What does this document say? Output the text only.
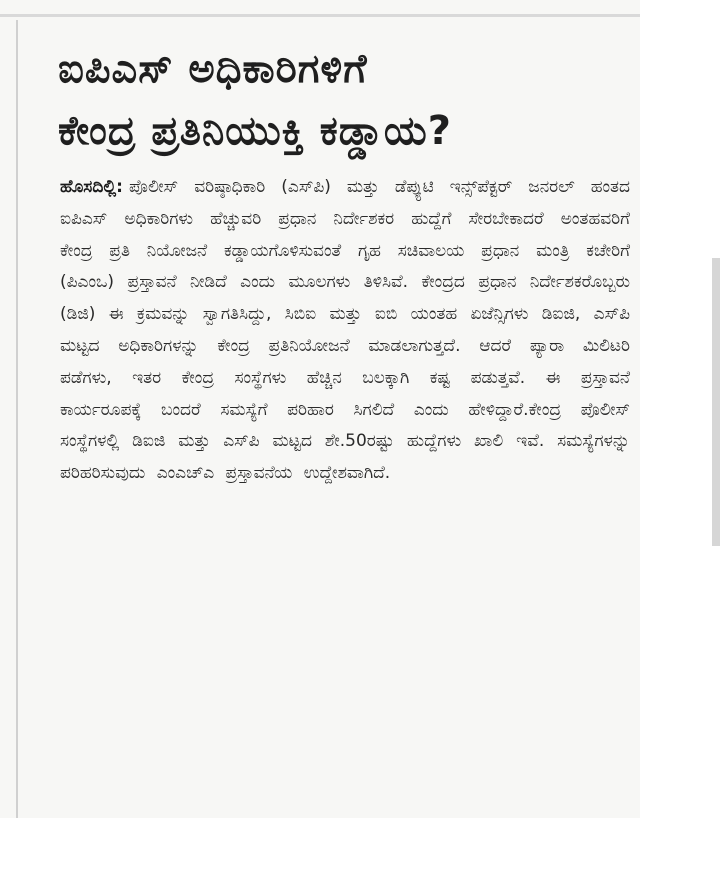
ಐಪಿಎಸ್ ಅಧಿಕಾರಿಗಳಿಗೆ
ಕೇಂದ್ರ ಪ್ರತಿನಿಯುಕ್ತಿ ಕಡ್ಡಾಯ?

ಹೊಸದಿಲ್ಲಿ: ಪೊಲೀಸ್ ವರಿಷ್ಠಾಧಿಕಾರಿ (ಎಸ್‌ಪಿ) ಮತ್ತು ಡೆಪ್ಯುಟಿ ಇನ್ಸ್‌ಪೆಕ್ಟರ್ ಜನರಲ್ ಹಂತದ ಐಪಿಎಸ್ ಅಧಿಕಾರಿಗಳು ಹೆಚ್ಚುವರಿ ಪ್ರಧಾನ ನಿರ್ದೇಶಕರ ಹುದ್ದೆಗೆ ಸೇರಬೇಕಾದರೆ ಅಂತಹವರಿಗೆ ಕೇಂದ್ರ ಪ್ರತಿ ನಿಯೋಜನೆ ಕಡ್ಡಾಯಗೊಳಿಸುವಂತೆ ಗೃಹ ಸಚಿವಾಲಯ ಪ್ರಧಾನ ಮಂತ್ರಿ ಕಚೇರಿಗೆ (ಪಿಎಂಒ) ಪ್ರಸ್ತಾವನೆ ನೀಡಿದೆ ಎಂದು ಮೂಲಗಳು ತಿಳಿಸಿವೆ. ಕೇಂದ್ರದ ಪ್ರಧಾನ ನಿರ್ದೇಶಕರೊಬ್ಬರು (ಡಿಜಿ) ಈ ಕ್ರಮವನ್ನು ಸ್ವಾಗತಿಸಿದ್ದು, ಸಿಬಿಐ ಮತ್ತು ಐಬಿ ಯಂತಹ ಏಜೆನ್ಸಿಗಳು ಡಿಐಜಿ, ಎಸ್‌ಪಿ ಮಟ್ಟದ ಅಧಿಕಾರಿಗಳನ್ನು ಕೇಂದ್ರ ಪ್ರತಿನಿಯೋಜನೆ ಮಾಡಲಾಗುತ್ತದೆ. ಆದರೆ ಪ್ಯಾರಾ ಮಿಲಿಟರಿ ಪಡೆಗಳು, ಇತರ ಕೇಂದ್ರ ಸಂಸ್ಥೆಗಳು ಹೆಚ್ಚಿನ ಬಲಕ್ಕಾಗಿ ಕಷ್ಟ ಪಡುತ್ತವೆ. ಈ ಪ್ರಸ್ತಾವನೆ ಕಾರ್ಯರೂಪಕ್ಕೆ ಬಂದರೆ ಸಮಸ್ಯೆಗೆ ಪರಿಹಾರ ಸಿಗಲಿದೆ ಎಂದು ಹೇಳಿದ್ದಾರೆ.ಕೇಂದ್ರ ಪೊಲೀಸ್ ಸಂಸ್ಥೆಗಳಲ್ಲಿ ಡಿಐಜಿ ಮತ್ತು ಎಸ್‌ಪಿ ಮಟ್ಟದ ಶೇ.50ರಷ್ಟು ಹುದ್ದೆಗಳು ಖಾಲಿ ಇವೆ. ಸಮಸ್ಯೆಗಳನ್ನು ಪರಿಹರಿಸುವುದು ಎಂಎಚ್‌ಎ ಪ್ರಸ್ತಾವನೆಯ ಉದ್ದೇಶವಾಗಿದೆ.
